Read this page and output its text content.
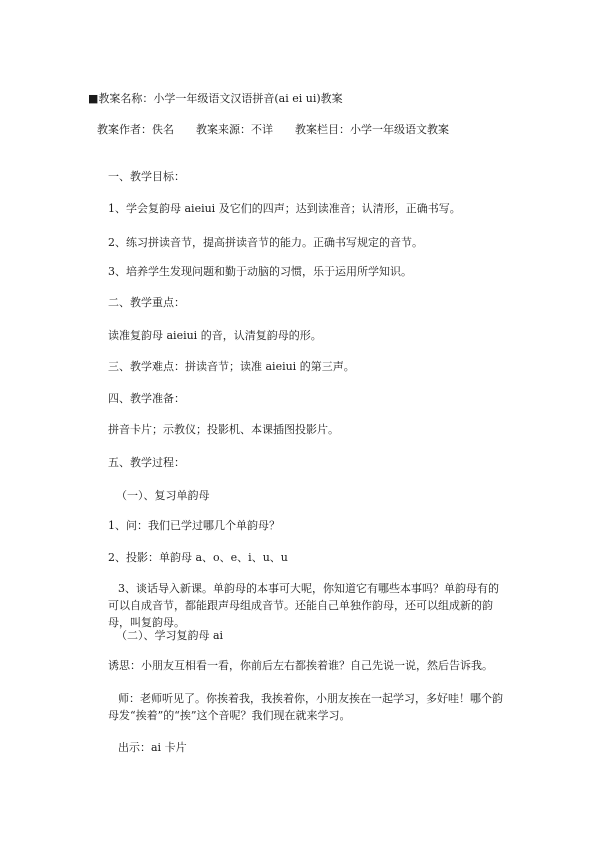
■教案名称：小学一年级语文汉语拼音(ai ei ui)教案
教案作者：佚名　　教案来源：不详　　教案栏目：小学一年级语文教案
一、教学目标：
1、学会复韵母 aieiui 及它们的四声；达到读准音；认清形，正确书写。
2、练习拼读音节，提高拼读音节的能力。正确书写规定的音节。
3、培养学生发现问题和勤于动脑的习惯，乐于运用所学知识。
二、教学重点：
读准复韵母 aieiui 的音，认清复韵母的形。
三、教学难点：拼读音节；读准 aieiui 的第三声。
四、教学准备：
拼音卡片；示教仪；投影机、本课插图投影片。
五、教学过程：
（一）、复习单韵母
1、问：我们已学过哪几个单韵母？
2、投影：单韵母 a、o、e、i、u、u
3、谈话导入新课。单韵母的本事可大呢，你知道它有哪些本事吗？单韵母有的可以自成音节，都能跟声母组成音节。还能自己单独作韵母，还可以组成新的韵母，叫复韵母。
（二）、学习复韵母 ai
诱思：小朋友互相看一看，你前后左右都挨着谁？自己先说一说，然后告诉我。
师：老师听见了。你挨着我，我挨着你，小朋友挨在一起学习，多好哇！哪个韵母发“挨着”的“挨”这个音呢？我们现在就来学习。
出示：ai 卡片
